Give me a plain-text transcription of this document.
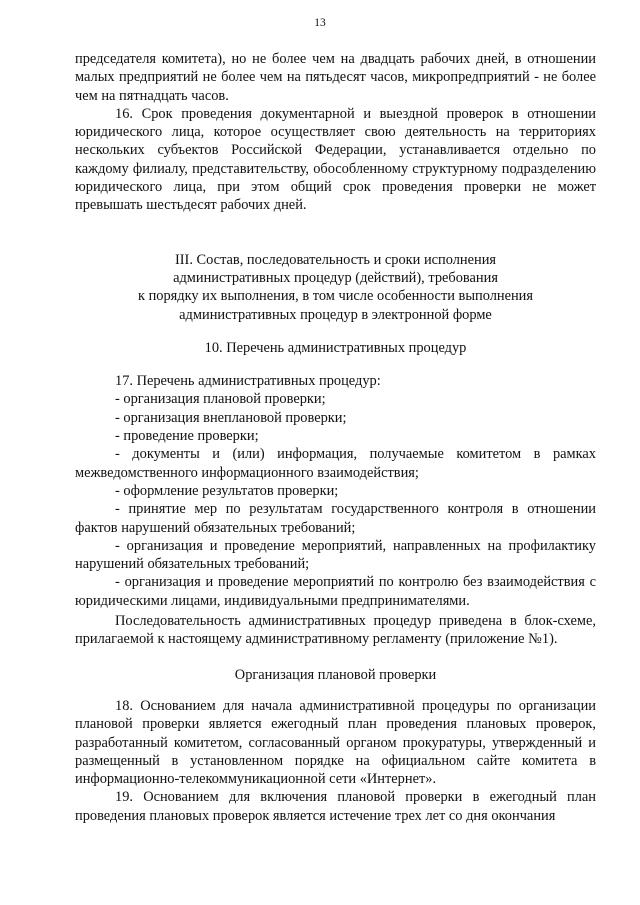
13

председателя комитета), но не более чем на двадцать рабочих дней, в отношении малых предприятий не более чем на пятьдесят часов, микропредприятий - не более чем на пятнадцать часов.

16. Срок проведения документарной и выездной проверок в отношении юридического лица, которое осуществляет свою деятельность на территориях нескольких субъектов Российской Федерации, устанавливается отдельно по каждому филиалу, представительству, обособленному структурному подразделению юридического лица, при этом общий срок проведения проверки не может превышать шестьдесят рабочих дней.

III. Состав, последовательность и сроки исполнения
административных процедур (действий), требования
к порядку их выполнения, в том числе особенности выполнения
административных процедур в электронной форме
10. Перечень административных процедур

17. Перечень административных процедур:

- организация плановой проверки;
- организация внеплановой проверки;
- проведение проверки;
- документы и (или) информация, получаемые комитетом в рамках межведомственного информационного взаимодействия;
- оформление результатов проверки;
- принятие мер по результатам государственного контроля в отношении фактов нарушений обязательных требований;
- организация и проведение мероприятий, направленных на профилактику нарушений обязательных требований;
- организация и проведение мероприятий по контролю без взаимодействия с юридическими лицами, индивидуальными предпринимателями.

Последовательность административных процедур приведена в блок-схеме, прилагаемой к настоящему административному регламенту (приложение №1).

Организация плановой проверки

18. Основанием для начала административной процедуры по организации плановой проверки является ежегодный план проведения плановых проверок, разработанный комитетом, согласованный органом прокуратуры, утвержденный и размещенный в установленном порядке на официальном сайте комитета в информационно-телекоммуникационной сети «Интернет».

19. Основанием для включения плановой проверки в ежегодный план проведения плановых проверок является истечение трех лет со дня окончания
